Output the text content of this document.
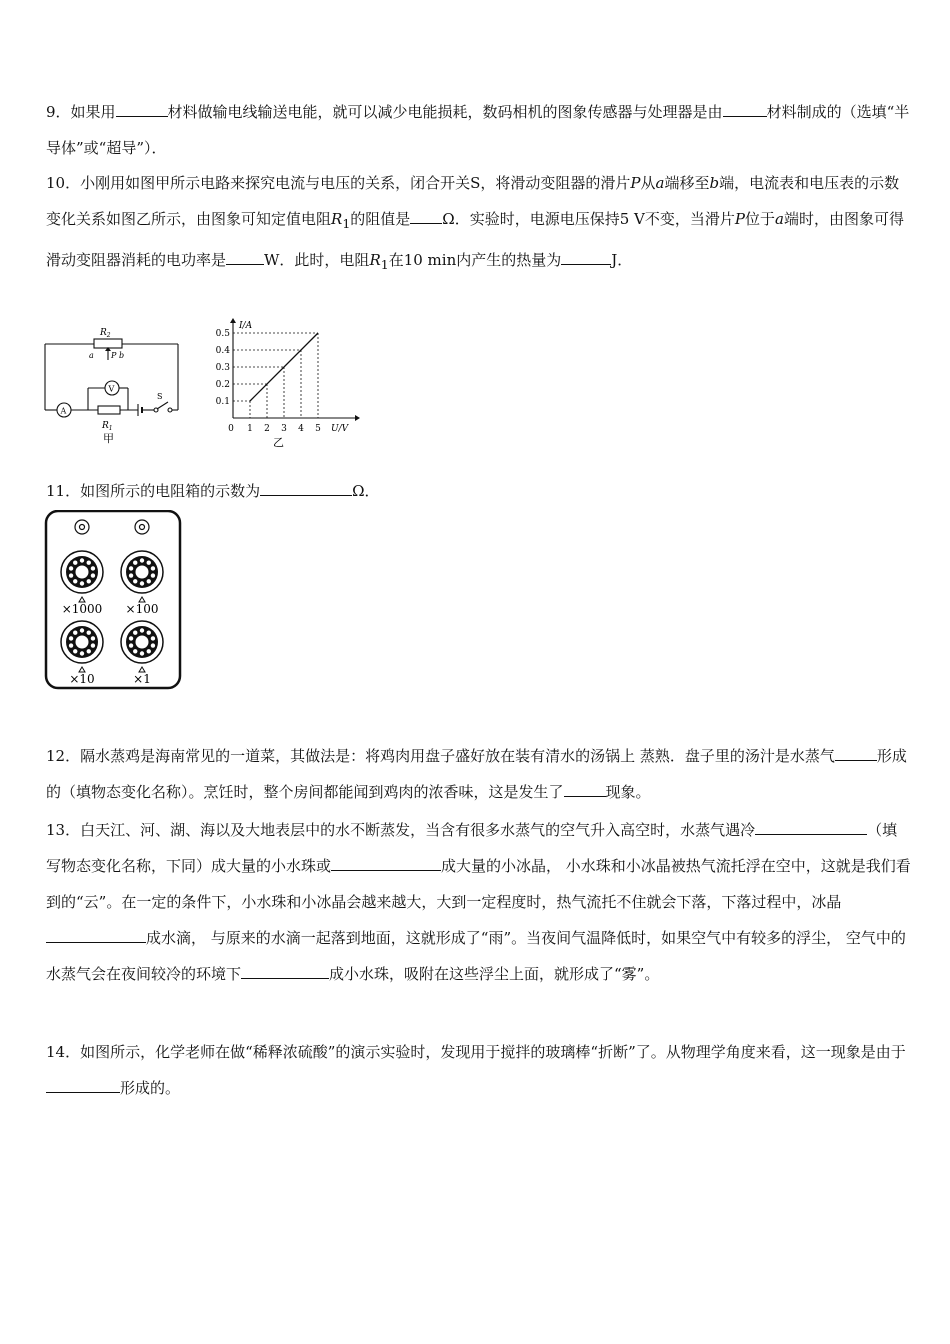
9．如果用	材料做输电线输送电能，就可以减少电能损耗，数码相机的图象传感器与处理器是由	材料制成的（选填“半导体”或“超导”）．
10．小刚用如图甲所示电路来探究电流与电压的关系，闭合开关S，将滑动变阻器的滑片P从a端移至b端，电流表和电压表的示数变化关系如图乙所示，由图象可知定值电阻$R_1$的阻值是 Ω．实验时，电源电压保持5 V不变，当滑片P位于a端时，由图象可得滑动变阻器消耗的电功率是	W．此时，电阻$R_1$在10 min内产生的热量为	J．
$R_2$
a P b
V
A
$R_1$
S
甲
I/A
U/V
乙
0.1
0.2
0.3
0.4
0.5
0 1 2 3 4 5
11．如图所示的电阻箱的示数为	Ω．
×1000 ×100
×10	×1
12．隔水蒸鸡是海南常见的一道菜，其做法是：将鸡肉用盘子盛好放在装有清水的汤锅上 蒸熟．盘子里的汤汁是水蒸气	形成的（填物态变化名称）。烹饪时，整个房间都能闻到鸡肉的浓香味，这是发生了	现象。
13．白天江、河、湖、海以及大地表层中的水不断蒸发，当含有很多水蒸气的空气升入高空时，水蒸气遇冷	（填写物态变化名称，下同）成大量的小水珠或	成大量的小冰晶， 小水珠和小冰晶被热气流托浮在空中，这就是我们看到的“云”。在一定的条件下，小水珠和小冰晶会越来越大，大到一定程度时，热气流托不住就会下落，下落过程中，冰晶成水滴， 与原来的水滴一起落到地面，这就形成了“雨”。当夜间气温降低时，如果空气中有较多的浮尘， 空气中的水蒸气会在夜间较冷的环境下	成小水珠，吸附在这些浮尘上面，就形成了“雾”。
14．如图所示，化学老师在做“稀释浓硫酸”的演示实验时，发现用于搅拌的玻璃棒“折断”了。从物理学角度来看，这一现象是由于形成的。
